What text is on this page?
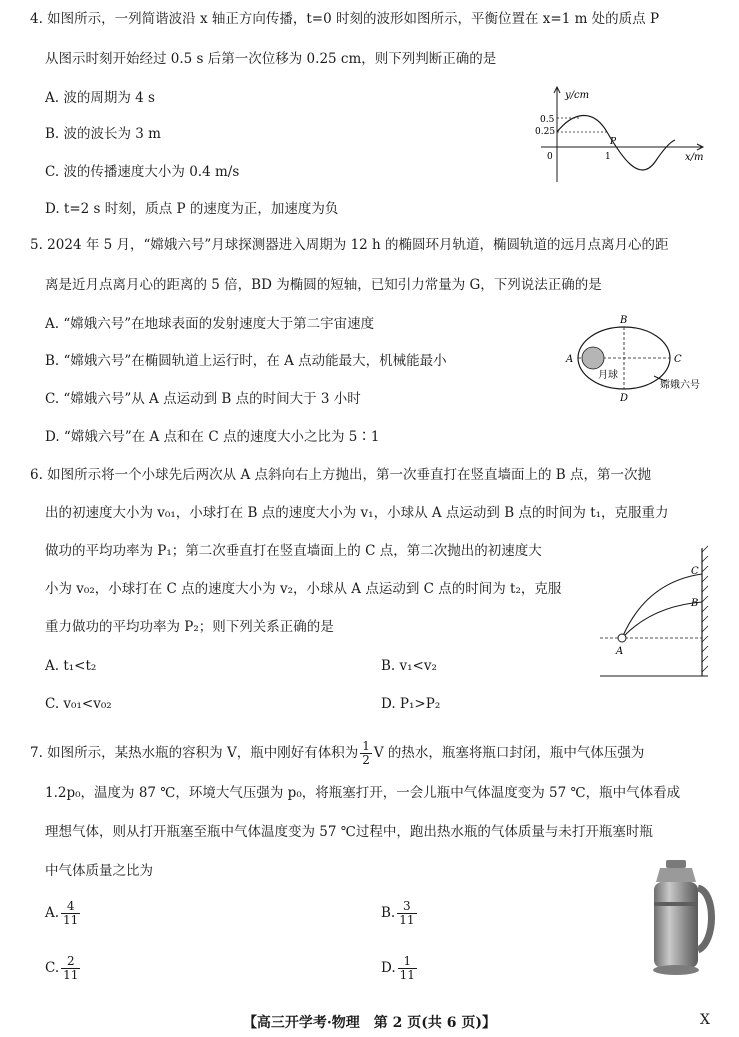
4. 如图所示，一列简谐波沿 x 轴正方向传播，t=0 时刻的波形如图所示，平衡位置在 x=1 m 处的质点 P
从图示时刻开始经过 0.5 s 后第一次位移为 0.25 cm，则下列判断正确的是
A. 波的周期为 4 s
B. 波的波长为 3 m
C. 波的传播速度大小为 0.4 m/s
D. t=2 s 时刻，质点 P 的速度为正，加速度为负
y/cm
x/m
0.5
0.25
0	1
P
5. 2024 年 5 月，“嫦娥六号”月球探测器进入周期为 12 h 的椭圆环月轨道，椭圆轨道的远月点离月心的距
离是近月点离月心的距离的 5 倍，BD 为椭圆的短轴，已知引力常量为 G，下列说法正确的是
A. “嫦娥六号”在地球表面的发射速度大于第二宇宙速度
B. “嫦娥六号”在椭圆轨道上运行时，在 A 点动能最大，机械能最小
C. “嫦娥六号”从 A 点运动到 B 点的时间大于 3 小时
D. “嫦娥六号”在 A 点和在 C 点的速度大小之比为 5∶1
A
B
C
D
月球
嫦娥六号
6. 如图所示将一个小球先后两次从 A 点斜向右上方抛出，第一次垂直打在竖直墙面上的 B 点，第一次抛
出的初速度大小为 v₀₁，小球打在 B 点的速度大小为 v₁，小球从 A 点运动到 B 点的时间为 t₁，克服重力
做功的平均功率为 P₁；第二次垂直打在竖直墙面上的 C 点，第二次抛出的初速度大
小为 v₀₂，小球打在 C 点的速度大小为 v₂，小球从 A 点运动到 C 点的时间为 t₂，克服
重力做功的平均功率为 P₂；则下列关系正确的是
A. t₁<t₂	B. v₁<v₂
C. v₀₁<v₀₂	D. P₁>P₂
A
C
B
7. 如图所示，某热水瓶的容积为 V，瓶中刚好有体积为 $\frac{1}{2}$ V 的热水，瓶塞将瓶口封闭，瓶中气体压强为
1.2p₀，温度为 87 ℃，环境大气压强为 p₀，将瓶塞打开，一会儿瓶中气体温度变为 57 ℃，瓶中气体看成
理想气体，则从打开瓶塞至瓶中气体温度变为 57 ℃过程中，跑出热水瓶的气体质量与未打开瓶塞时瓶
中气体质量之比为
A. $\frac{4}{11}$	B. $\frac{3}{11}$
C. $\frac{2}{11}$	D. $\frac{1}{11}$
【高三开学考·物理　第 2 页(共 6 页)】	X
